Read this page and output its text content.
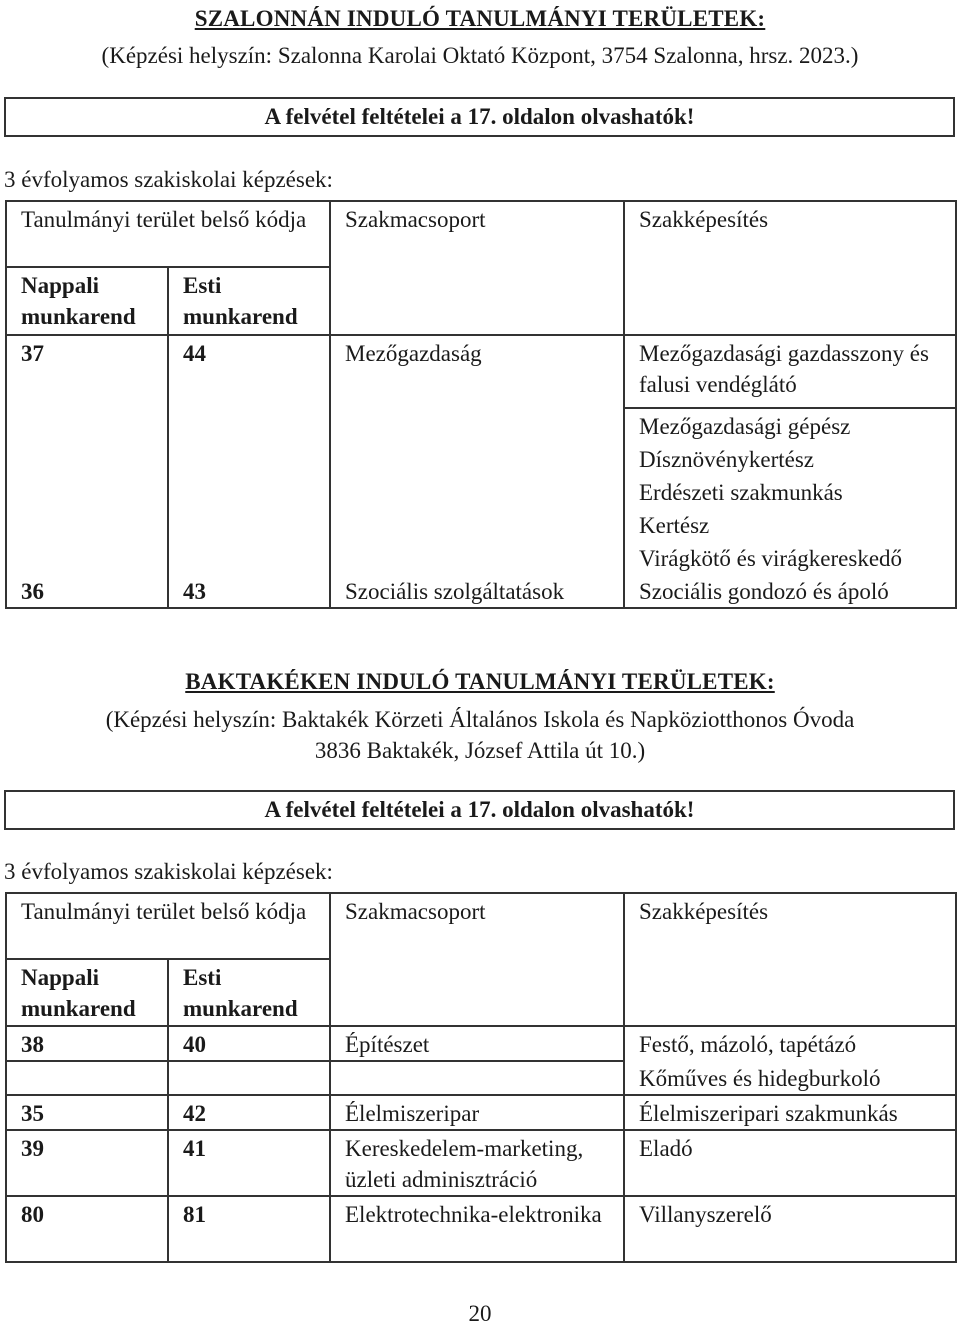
SZALONNÁN INDULÓ TANULMÁNYI TERÜLETEK:
(Képzési helyszín: Szalonna Karolai Oktató Központ, 3754 Szalonna, hrsz. 2023.)
A felvétel feltételei a 17. oldalon olvashatók!
3 évfolyamos szakiskolai képzések:
Tanulmányi terület belső kódja		Szakmacsoport	Szakképesítés
Nappali munkarend	Esti munkarend		
37	44	Mezőgazdaság	Mezőgazdasági gazdasszony és falusi vendéglátó
			Mezőgazdasági gépész
			Dísznövénykertész
			Erdészeti szakmunkás
			Kertész
			Virágkötő és virágkereskedő
36	43	Szociális szolgáltatások	Szociális gondozó és ápoló
BAKTAKÉKEN INDULÓ TANULMÁNYI TERÜLETEK:
(Képzési helyszín: Baktakék Körzeti Általános Iskola és Napköziotthonos Óvoda
3836 Baktakék, József Attila út 10.)
A felvétel feltételei a 17. oldalon olvashatók!
3 évfolyamos szakiskolai képzések:
Tanulmányi terület belső kódja		Szakmacsoport	Szakképesítés
Nappali munkarend	Esti munkarend		
38	40	Építészet	Festő, mázoló, tapétázó
			Kőműves és hidegburkoló
35	42	Élelmiszeripar	Élelmiszeripari szakmunkás
39	41	Kereskedelem-marketing, üzleti adminisztráció	Eladó
80	81	Elektrotechnika-elektronika	Villanyszerelő
20
